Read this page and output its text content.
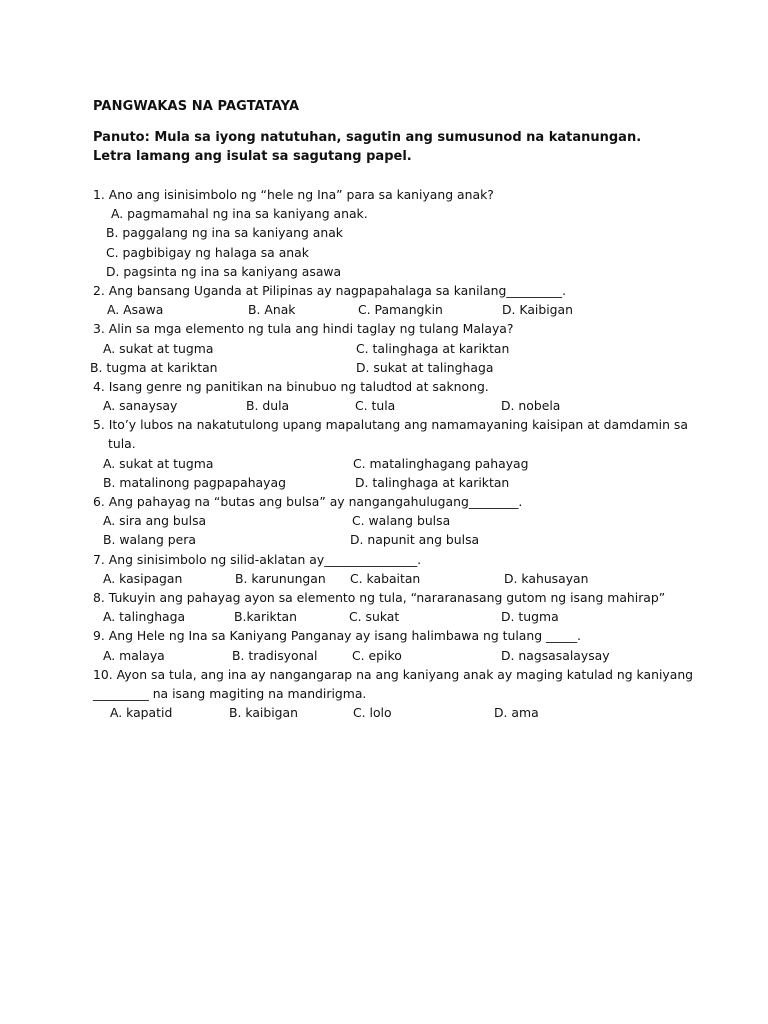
PANGWAKAS NA PAGTATAYA
Panuto: Mula sa iyong natutuhan, sagutin ang sumusunod na katanungan.
Letra lamang ang isulat sa sagutang papel.
1. Ano ang isinisimbolo ng “hele ng Ina” para sa kaniyang anak?
A. pagmamahal ng ina sa kaniyang anak.
B. paggalang ng ina sa kaniyang anak
C. pagbibigay ng halaga sa anak
D. pagsinta ng ina sa kaniyang asawa
2. Ang bansang Uganda at Pilipinas ay nagpapahalaga sa kanilang_________.
A. Asawa	B. Anak	C. Pamangkin	D. Kaibigan
3. Alin sa mga elemento ng tula ang hindi taglay ng tulang Malaya?
A. sukat at tugma	C. talinghaga at kariktan
B. tugma at kariktan	D. sukat at talinghaga
4. Isang genre ng panitikan na binubuo ng taludtod at saknong.
A. sanaysay	B. dula	C. tula	D. nobela
5. Ito’y lubos na nakatutulong upang mapalutang ang namamayaning kaisipan at damdamin sa
tula.
A. sukat at tugma	C. matalinghagang pahayag
B. matalinong pagpapahayag	D. talinghaga at kariktan
6. Ang pahayag na “butas ang bulsa” ay nangangahulugang________.
A. sira ang bulsa	C. walang bulsa
B. walang pera	D. napunit ang bulsa
7. Ang sinisimbolo ng silid-aklatan ay_______________.
A. kasipagan	B. karunungan C. kabaitan	D. kahusayan
8. Tukuyin ang pahayag ayon sa elemento ng tula, “nararanasang gutom ng isang mahirap”
A. talinghaga	B.kariktan	C. sukat	D. tugma
9. Ang Hele ng Ina sa Kaniyang Panganay ay isang halimbawa ng tulang _____.
A. malaya	B. tradisyonal	C. epiko	D. nagsasalaysay
10. Ayon sa tula, ang ina ay nangangarap na ang kaniyang anak ay maging katulad ng kaniyang
_________ na isang magiting na mandirigma.
A. kapatid	B. kaibigan	C. lolo	D. ama
